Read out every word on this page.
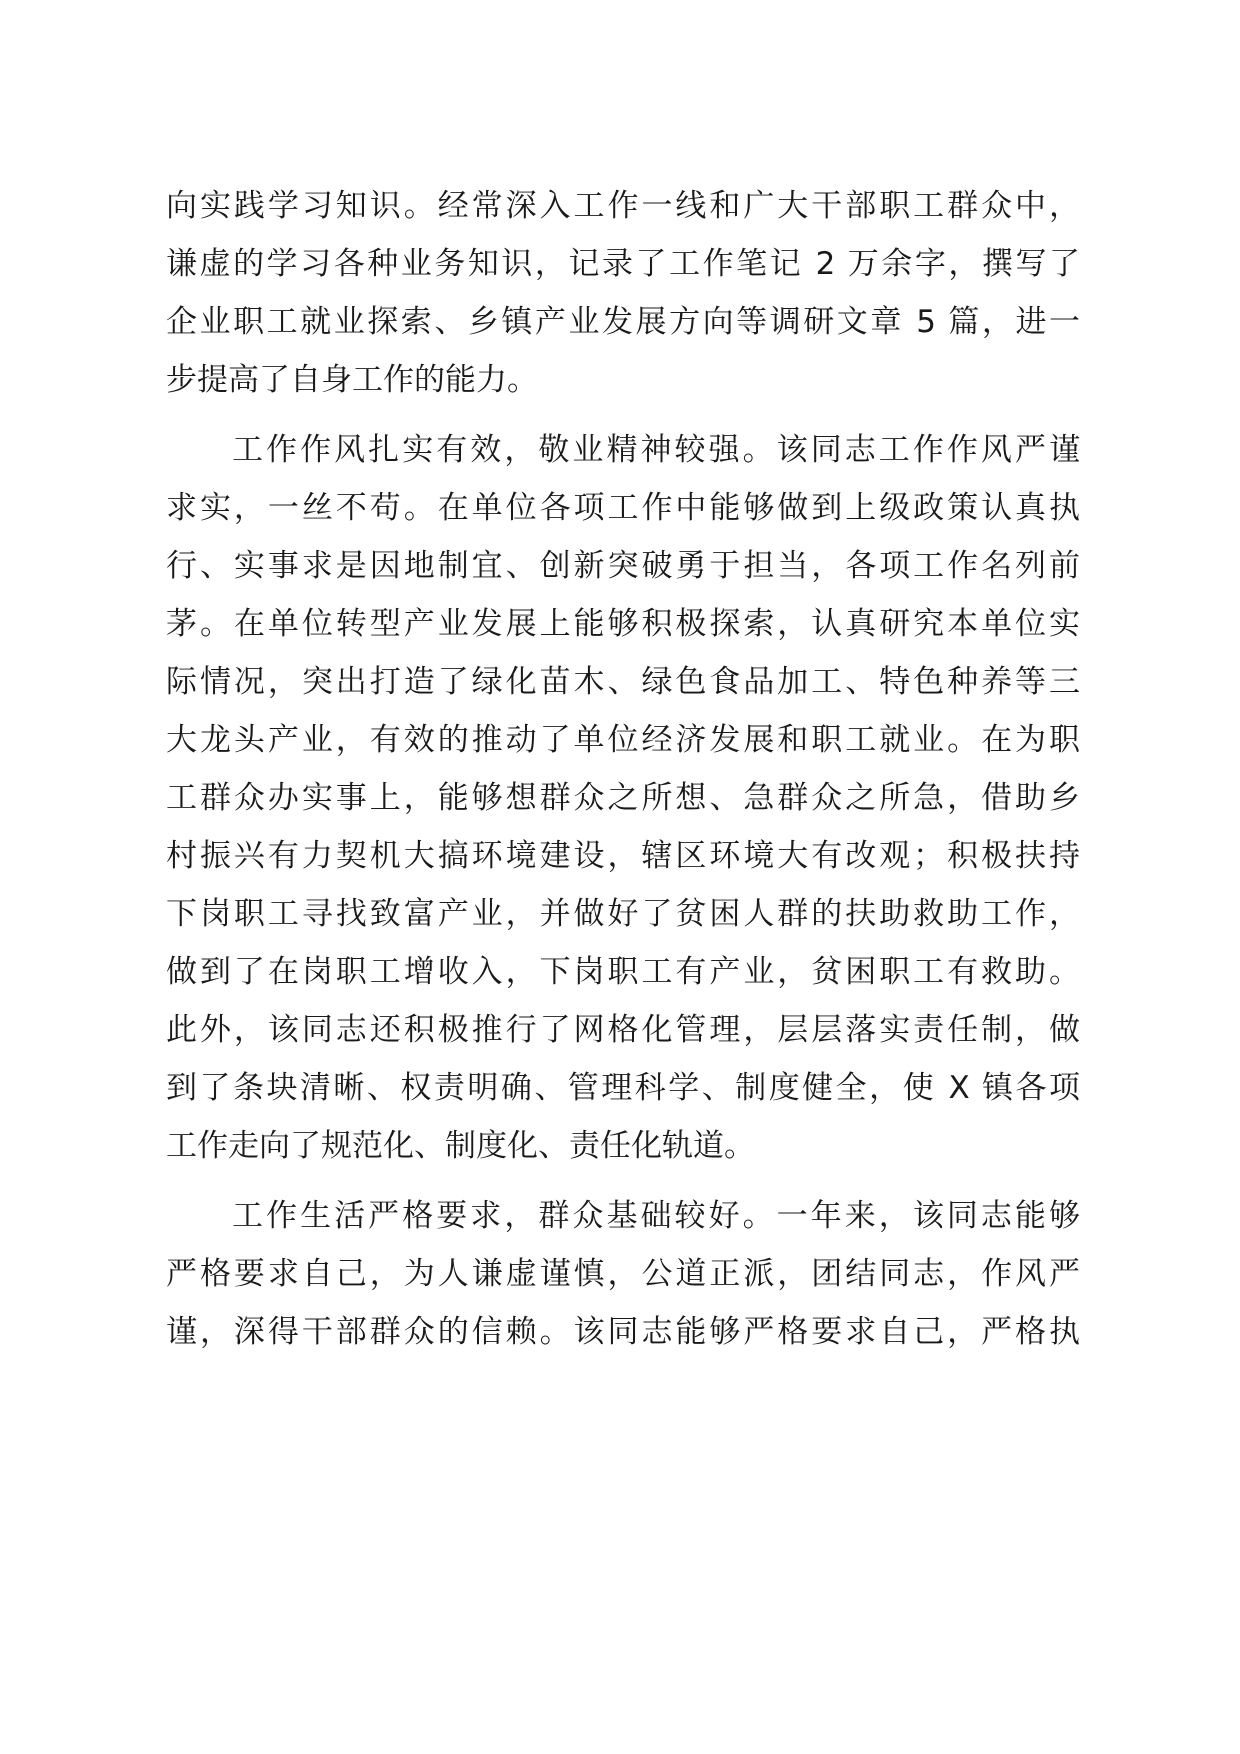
向实践学习知识。经常深入工作一线和广大干部职工群众中，
谦虚的学习各种业务知识，记录了工作笔记 2 万余字，撰写了
企业职工就业探索、乡镇产业发展方向等调研文章 5 篇，进一
步提高了自身工作的能力。
工作作风扎实有效，敬业精神较强。该同志工作作风严谨
求实，一丝不苟。在单位各项工作中能够做到上级政策认真执
行、实事求是因地制宜、创新突破勇于担当，各项工作名列前
茅。在单位转型产业发展上能够积极探索，认真研究本单位实
际情况，突出打造了绿化苗木、绿色食品加工、特色种养等三
大龙头产业，有效的推动了单位经济发展和职工就业。在为职
工群众办实事上，能够想群众之所想、急群众之所急，借助乡
村振兴有力契机大搞环境建设，辖区环境大有改观；积极扶持
下岗职工寻找致富产业，并做好了贫困人群的扶助救助工作，
做到了在岗职工增收入，下岗职工有产业，贫困职工有救助。
此外，该同志还积极推行了网格化管理，层层落实责任制，做
到了条块清晰、权责明确、管理科学、制度健全，使 X 镇各项
工作走向了规范化、制度化、责任化轨道。
工作生活严格要求，群众基础较好。一年来，该同志能够
严格要求自己，为人谦虚谨慎，公道正派，团结同志，作风严
谨，深得干部群众的信赖。该同志能够严格要求自己，严格执
